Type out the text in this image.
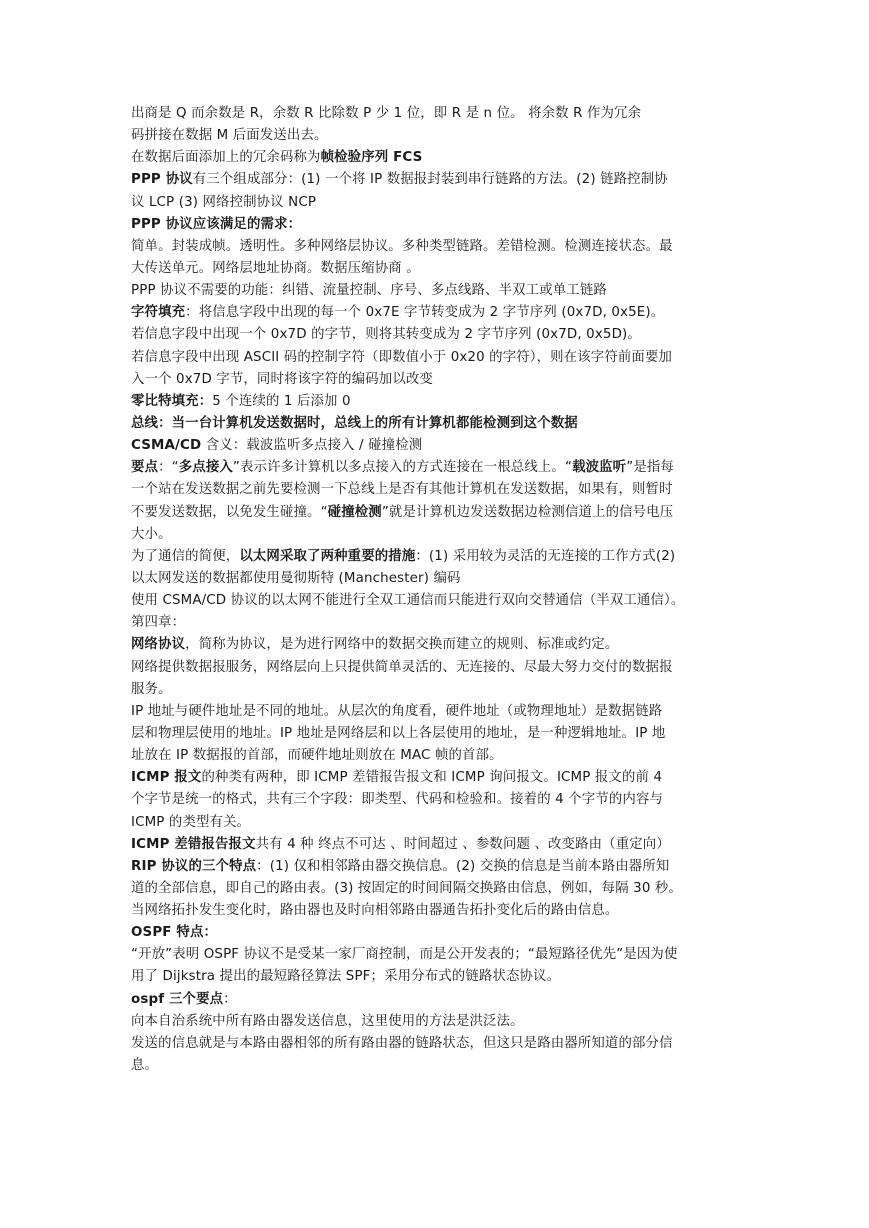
出商是 Q 而余数是 R，余数 R 比除数 P 少 1 位，即 R 是 n 位。 将余数 R 作为冗余
码拼接在数据 M 后面发送出去。
在数据后面添加上的冗余码称为帧检验序列 FCS
PPP 协议有三个组成部分：(1) 一个将 IP 数据报封装到串行链路的方法。(2) 链路控制协
议 LCP (3) 网络控制协议 NCP
PPP 协议应该满足的需求：
简单。封装成帧。透明性。多种网络层协议。多种类型链路。差错检测。检测连接状态。最
大传送单元。网络层地址协商。数据压缩协商 。
PPP 协议不需要的功能：纠错、流量控制、序号、多点线路、半双工或单工链路
字符填充：将信息字段中出现的每一个 0x7E 字节转变成为 2 字节序列 (0x7D, 0x5E)。
若信息字段中出现一个 0x7D 的字节，则将其转变成为 2 字节序列 (0x7D, 0x5D)。
若信息字段中出现 ASCII 码的控制字符（即数值小于 0x20 的字符），则在该字符前面要加
入一个 0x7D 字节，同时将该字符的编码加以改变
零比特填充：5 个连续的 1 后添加 0
总线：当一台计算机发送数据时，总线上的所有计算机都能检测到这个数据
CSMA/CD 含义：载波监听多点接入 / 碰撞检测
要点：“多点接入”表示许多计算机以多点接入的方式连接在一根总线上。“载波监听”是指每
一个站在发送数据之前先要检测一下总线上是否有其他计算机在发送数据，如果有，则暂时
不要发送数据，以免发生碰撞。“碰撞检测”就是计算机边发送数据边检测信道上的信号电压
大小。
为了通信的简便，以太网采取了两种重要的措施：(1) 采用较为灵活的无连接的工作方式(2)
以太网发送的数据都使用曼彻斯特 (Manchester) 编码
使用 CSMA/CD 协议的以太网不能进行全双工通信而只能进行双向交替通信（半双工通信）。
第四章：
网络协议，简称为协议，是为进行网络中的数据交换而建立的规则、标准或约定。
网络提供数据报服务，网络层向上只提供简单灵活的、无连接的、尽最大努力交付的数据报
服务。
IP 地址与硬件地址是不同的地址。从层次的角度看，硬件地址（或物理地址）是数据链路
层和物理层使用的地址。IP 地址是网络层和以上各层使用的地址，是一种逻辑地址。IP 地
址放在 IP 数据报的首部，而硬件地址则放在 MAC 帧的首部。
ICMP 报文的种类有两种，即 ICMP 差错报告报文和 ICMP 询问报文。ICMP 报文的前 4
个字节是统一的格式，共有三个字段：即类型、代码和检验和。接着的 4 个字节的内容与
ICMP 的类型有关。
ICMP 差错报告报文共有 4 种 终点不可达 、时间超过 、参数问题 、改变路由（重定向）
RIP 协议的三个特点：(1) 仅和相邻路由器交换信息。(2) 交换的信息是当前本路由器所知
道的全部信息，即自己的路由表。(3) 按固定的时间间隔交换路由信息，例如，每隔 30 秒。
当网络拓扑发生变化时，路由器也及时向相邻路由器通告拓扑变化后的路由信息。
OSPF 特点：
“开放”表明 OSPF 协议不是受某一家厂商控制，而是公开发表的；“最短路径优先”是因为使
用了 Dijkstra 提出的最短路径算法 SPF；采用分布式的链路状态协议。
ospf 三个要点：
向本自治系统中所有路由器发送信息，这里使用的方法是洪泛法。
发送的信息就是与本路由器相邻的所有路由器的链路状态，但这只是路由器所知道的部分信
息。
